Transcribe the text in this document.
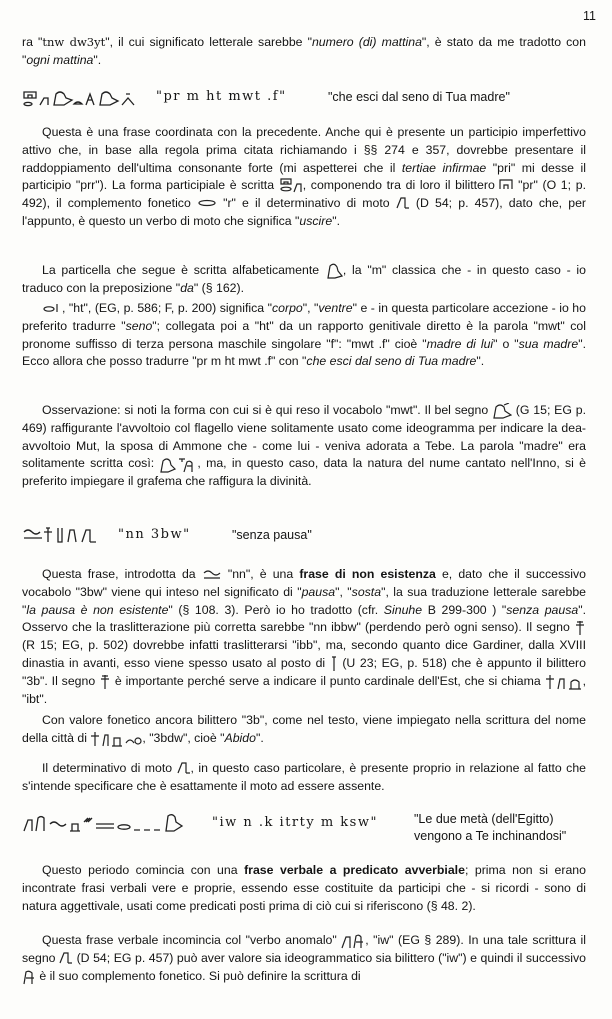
11

ra "tnw dw3yt", il cui significato letterale sarebbe "numero (di) mattina", è stato da me tradotto con "ogni mattina".

"pr m ht mwt .f"	"che esci dal seno di Tua madre"

Questa è una frase coordinata con la precedente. Anche qui è presente un participio imperfettivo attivo che, in base alla regola prima citata richiamando i §§ 274 e 357, dovrebbe presentare il raddoppiamento dell'ultima consonante forte (mi aspetterei che il tertiae infirmae "pri" mi desse il participio "prr"). La forma participiale è scritta
, componendo tra di loro il bilittero
"pr" (O 1; p. 492), il complemento fonetico
"r" e il determinativo di moto
(D 54; p. 457), dato che, per l'appunto, è questo un verbo di moto che significa "uscire".

La particella che segue è scritta alfabeticamente
, la "m" classica che - in questo caso - io traduco con la preposizione "da" (§ 162).

, "ht", (EG, p. 586; F, p. 200) significa "corpo", "ventre" e - in questa particolare accezione - io ho preferito tradurre "seno"; collegata poi a "ht" da un rapporto genitivale diretto è la parola "mwt" col pronome suffisso di terza persona maschile singolare "f": "mwt .f" cioè "madre di lui" o "sua madre". Ecco allora che posso tradurre "pr m ht mwt .f" con "che esci dal seno di Tua madre".

Osservazione: si noti la forma con cui si è qui reso il vocabolo "mwt". Il bel segno
(G 15; EG p. 469) raffigurante l'avvoltoio col flagello viene solitamente usato come ideogramma per indicare la dea-avvoltoio Mut, la sposa di Ammone che - come lui - veniva adorata a Tebe. La parola "madre" era solitamente scritta così:	, ma, in questo caso, data la natura del nume cantato nell'Inno, si è preferito impiegare il grafema che raffigura la divinità.

"nn 3bw"	"senza pausa"

Questa frase, introdotta da
"nn", è una frase di non esistenza e, dato che il successivo vocabolo "3bw" viene qui inteso nel significato di "pausa", "sosta", la sua traduzione letterale sarebbe "la pausa è non esistente" (§ 108. 3). Però io ho tradotto (cfr. Sinuhe B 299-300 ) "senza pausa". Osservo che la traslitterazione più corretta sarebbe "nn ibbw" (perdendo però ogni senso). Il segno
(R 15; EG, p. 502) dovrebbe infatti traslitterarsi "ibb", ma, secondo quanto dice Gardiner, dalla XVIII dinastia in avanti, esso viene spesso usato al posto di
(U 23; EG, p. 518) che è appunto il bilittero "3b". Il segno
è importante perché serve a indicare il punto cardinale dell'Est, che si chiama	, "ibt".

Con valore fonetico ancora bilittero "3b", come nel testo, viene impiegato nella scrittura del nome della città di	, "3bdw", cioè "Abido".

Il determinativo di moto
, in questo caso particolare, è presente proprio in relazione al fatto che s'intende specificare che è esattamente il moto ad essere assente.

"iw n .k itrty m ksw"	"Le due metà (dell'Egitto)
vengono a Te inchinandosi"

Questo periodo comincia con una frase verbale a predicato avverbiale; prima non si erano incontrate frasi verbali vere e proprie, essendo esse costituite da participi che - si ricordi - sono di natura aggettivale, usati come predicati posti prima di ciò cui si riferiscono (§ 48. 2).

Questa frase verbale incomincia col "verbo anomalo"
, "iw" (EG § 289). In una tale scrittura il segno
(D 54; EG p. 457) può aver valore sia ideogrammatico sia bilittero ("iw") e quindi il successivo
è il suo complemento fonetico. Si può definire la scrittura di
